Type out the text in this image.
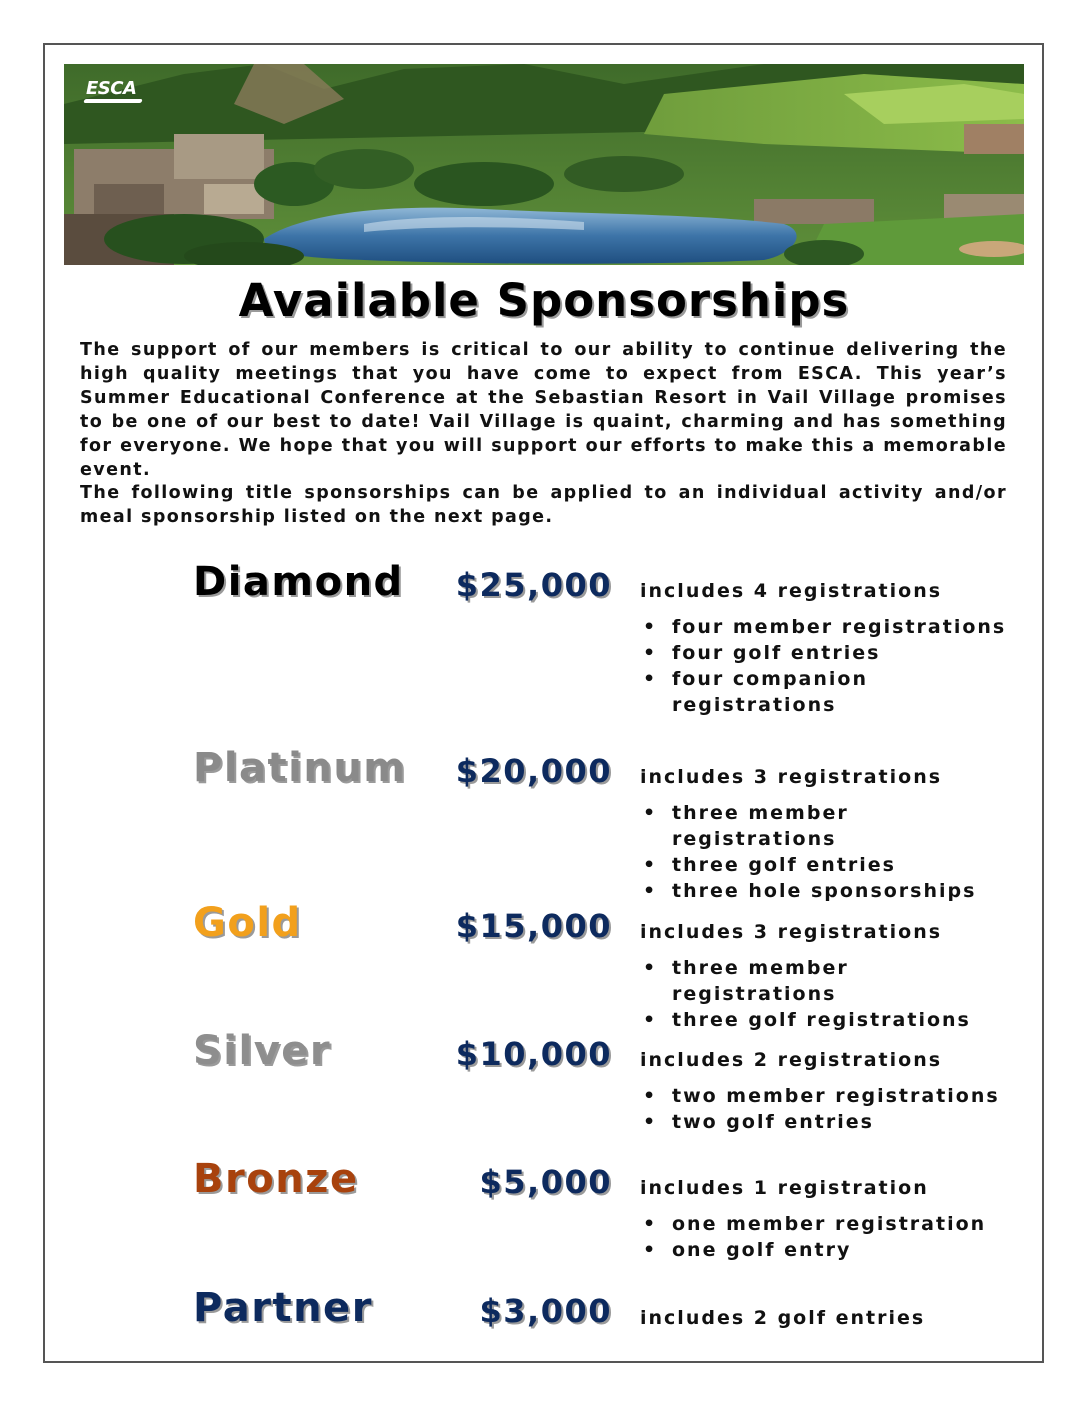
ESCA
Available Sponsorships

The support of our members is critical to our ability to continue delivering the high quality meetings that you have come to expect from ESCA. This year’s Summer Educational Conference at the Sebastian Resort in Vail Village promises to be one of our best to date! Vail Village is quaint, charming and has something for everyone. We hope that you will support our efforts to make this a memorable event.

The following title sponsorships can be applied to an individual activity and/or meal sponsorship listed on the next page.

Diamond $25,000 includes 4 registrations
• four member registrations
• four golf entries
• four companion registrations
Platinum $20,000 includes 3 registrations
• three member registrations
• three golf entries
• three hole sponsorships
Gold	$15,000 includes 3 registrations
• three member registrations
• three golf registrations
Silver	$10,000 includes 2 registrations
• two member registrations
• two golf entries
Bronze	$5,000 includes 1 registration
• one member registration
• one golf entry
Partner	$3,000 includes 2 golf entries
